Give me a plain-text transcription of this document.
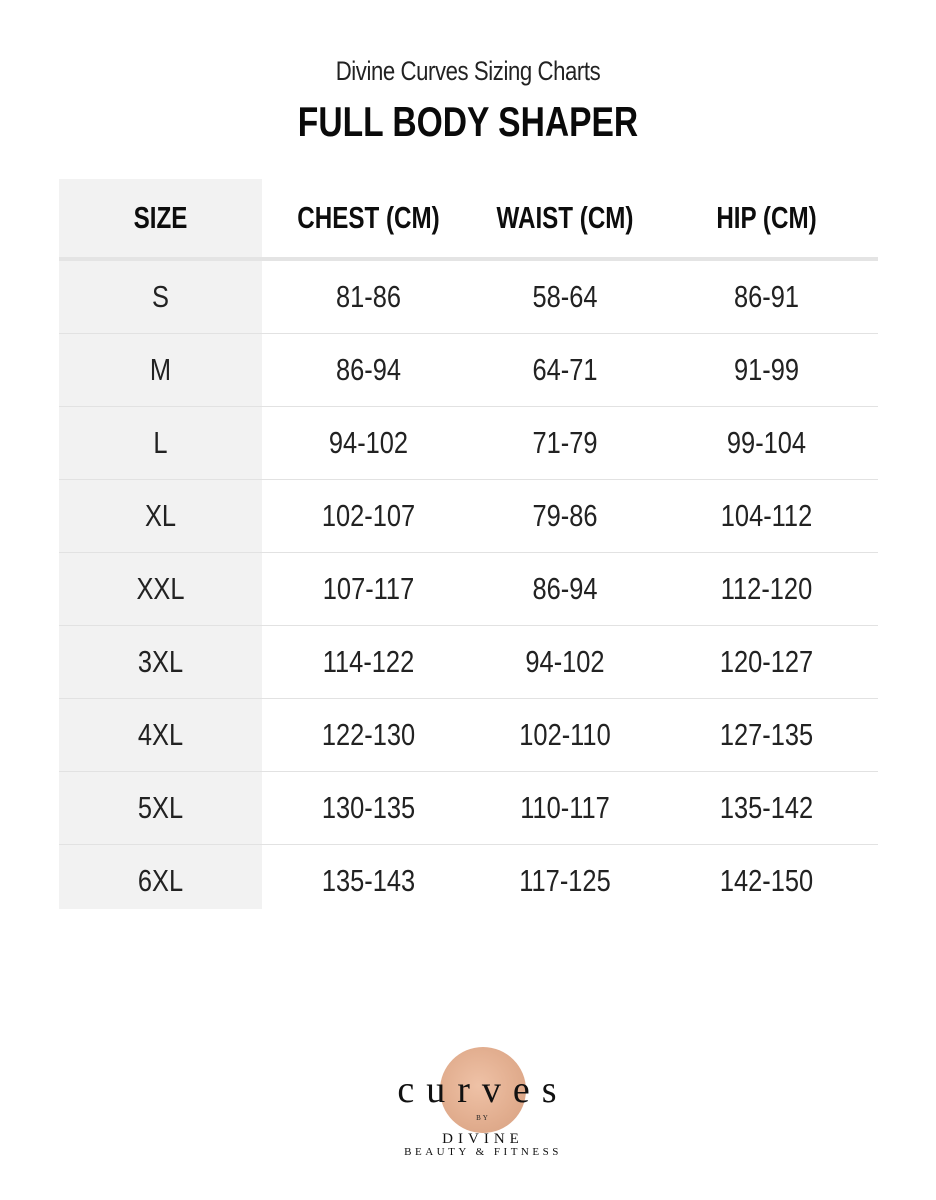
Divine Curves Sizing Charts
FULL BODY SHAPER
SIZE	CHEST (CM)	WAIST (CM)	HIP (CM)
S	81-86	58-64	86-91
M	86-94	64-71	91-99
L	94-102	71-79	99-104
XL	102-107	79-86	104-112
XXL	107-117	86-94	112-120
3XL	114-122	94-102	120-127
4XL	122-130	102-110	127-135
5XL	130-135	110-117	135-142
6XL	135-143	117-125	142-150
curves
BY
DIVINE
BEAUTY & FITNESS
